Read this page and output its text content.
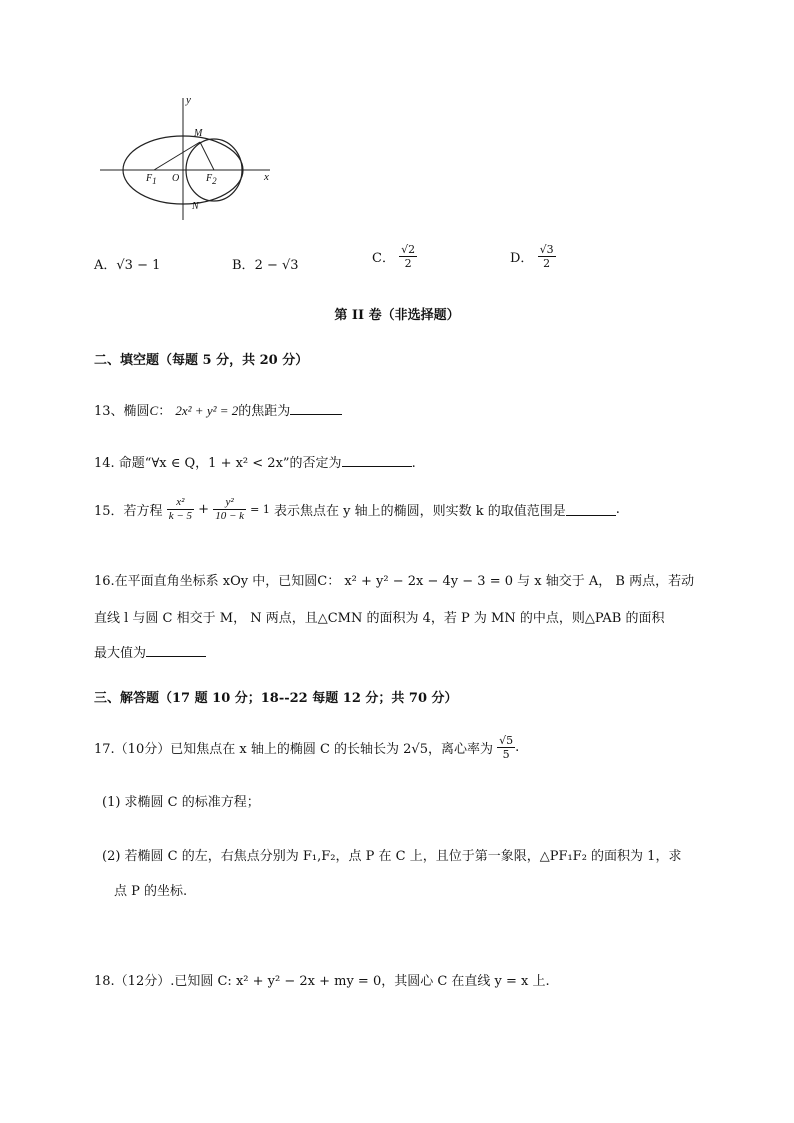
y
x
M
N
O
$F_1$	$F_2$
A．√3 − 1	B．2 − √3	C． $\frac{√2}{2}$	D． $\frac{√3}{2}$
第 II 卷（非选择题）
二、填空题（每题 5 分，共 20 分）
13、椭圆C： 2x² + y² = 2的焦距为
14. 命题“∀x ∈ Q，1 + x² < 2x”的否定为	.
15．若方程 $\frac{\text{x²}}{k - 5} + \frac{\text{y²}}{10 - k} = 1$ 表示焦点在 y 轴上的椭圆，则实数 k 的取值范围是	.
16.在平面直角坐标系 xOy 中，已知圆C： x² + y² − 2x − 4y − 3 = 0 与 x 轴交于 A， B 两点，若动
直线 l 与圆 C 相交于 M， N 两点，且△CMN 的面积为 4，若 P 为 MN 的中点，则△PAB 的面积
最大值为
三、解答题（17 题 10 分；18--22 每题 12 分；共 70 分）
17.（10分）已知焦点在 x 轴上的椭圆 C 的长轴长为 2√5，离心率为 $\frac{√5}{5}$ .
(1) 求椭圆 C 的标准方程；
(2) 若椭圆 C 的左，右焦点分别为 F₁,F₂，点 P 在 C 上，且位于第一象限，△PF₁F₂ 的面积为 1，求
点 P 的坐标.
18.（12分）.已知圆 C: x² + y² − 2x + my = 0，其圆心 C 在直线 y = x 上.
